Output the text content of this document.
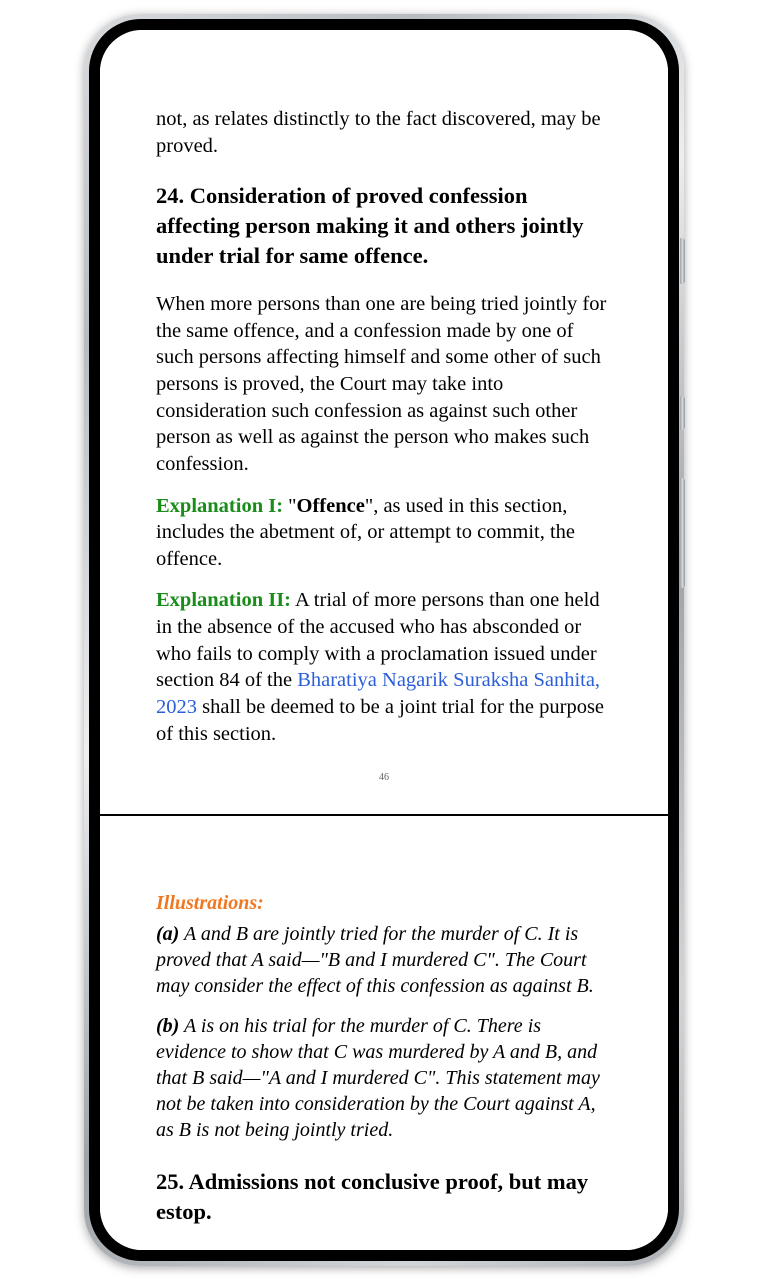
not, as relates distinctly to the fact discovered, may be proved.

24. Consideration of proved confession affecting person making it and others jointly under trial for same offence.

When more persons than one are being tried jointly for the same offence, and a confession made by one of such persons affecting himself and some other of such persons is proved, the Court may take into consideration such confession as against such other person as well as against the person who makes such confession.

Explanation I: "Offence", as used in this section, includes the abetment of, or attempt to commit, the offence.

Explanation II: A trial of more persons than one held in the absence of the accused who has absconded or who fails to comply with a proclamation issued under section 84 of the Bharatiya Nagarik Suraksha Sanhita, 2023 shall be deemed to be a joint trial for the purpose of this section.

46

Illustrations:

(a) A and B are jointly tried for the murder of C. It is proved that A said—"B and I murdered C". The Court may consider the effect of this confession as against B.

(b) A is on his trial for the murder of C. There is evidence to show that C was murdered by A and B, and that B said—"A and I murdered C". This statement may not be taken into consideration by the Court against A, as B is not being jointly tried.

25. Admissions not conclusive proof, but may estop.
